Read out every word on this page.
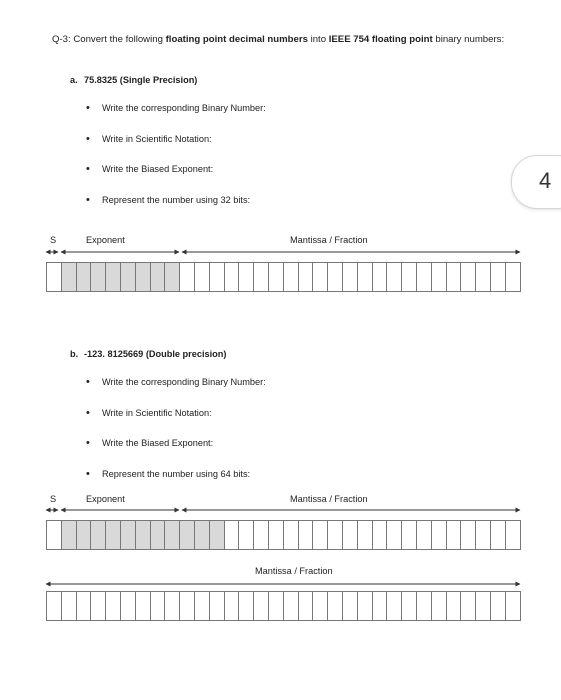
Q-3: Convert the following floating point decimal numbers into IEEE 754 floating point binary numbers:
4
a. 75.8325 (Single Precision)
• Write the corresponding Binary Number:
• Write in Scientific Notation:
• Write the Biased Exponent:
• Represent the number using 32 bits:
S	Exponent	Mantissa / Fraction
b. -123. 8125669 (Double precision)
• Write the corresponding Binary Number:
• Write in Scientific Notation:
• Write the Biased Exponent:
• Represent the number using 64 bits:
S	Exponent	Mantissa / Fraction
Mantissa / Fraction
